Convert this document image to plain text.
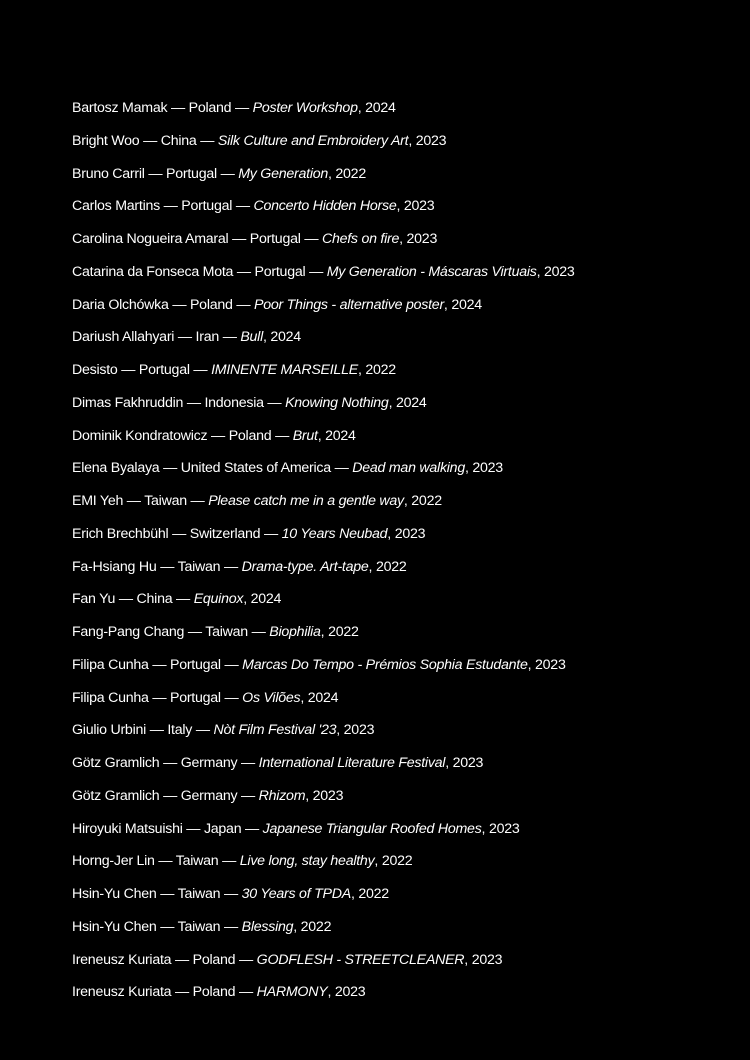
Bartosz Mamak — Poland — Poster Workshop, 2024
Bright Woo — China — Silk Culture and Embroidery Art, 2023
Bruno Carril — Portugal — My Generation, 2022
Carlos Martins — Portugal — Concerto Hidden Horse, 2023
Carolina Nogueira Amaral — Portugal — Chefs on fire, 2023
Catarina da Fonseca Mota — Portugal — My Generation - Máscaras Virtuais, 2023
Daria Olchówka — Poland — Poor Things - alternative poster, 2024
Dariush Allahyari — Iran — Bull, 2024
Desisto — Portugal — IMINENTE MARSEILLE, 2022
Dimas Fakhruddin — Indonesia — Knowing Nothing, 2024
Dominik Kondratowicz — Poland — Brut, 2024
Elena Byalaya — United States of America — Dead man walking, 2023
EMI Yeh — Taiwan — Please catch me in a gentle way, 2022
Erich Brechbühl — Switzerland — 10 Years Neubad, 2023
Fa-Hsiang Hu — Taiwan — Drama-type. Art-tape, 2022
Fan Yu — China — Equinox, 2024
Fang-Pang Chang — Taiwan — Biophilia, 2022
Filipa Cunha — Portugal — Marcas Do Tempo - Prémios Sophia Estudante, 2023
Filipa Cunha — Portugal — Os Vilões, 2024
Giulio Urbini — Italy — Nòt Film Festival '23, 2023
Götz Gramlich — Germany — International Literature Festival, 2023
Götz Gramlich — Germany — Rhizom, 2023
Hiroyuki Matsuishi — Japan — Japanese Triangular Roofed Homes, 2023
Horng-Jer Lin — Taiwan — Live long, stay healthy, 2022
Hsin-Yu Chen — Taiwan — 30 Years of TPDA, 2022
Hsin-Yu Chen — Taiwan — Blessing, 2022
Ireneusz Kuriata — Poland — GODFLESH - STREETCLEANER, 2023
Ireneusz Kuriata — Poland — HARMONY, 2023
